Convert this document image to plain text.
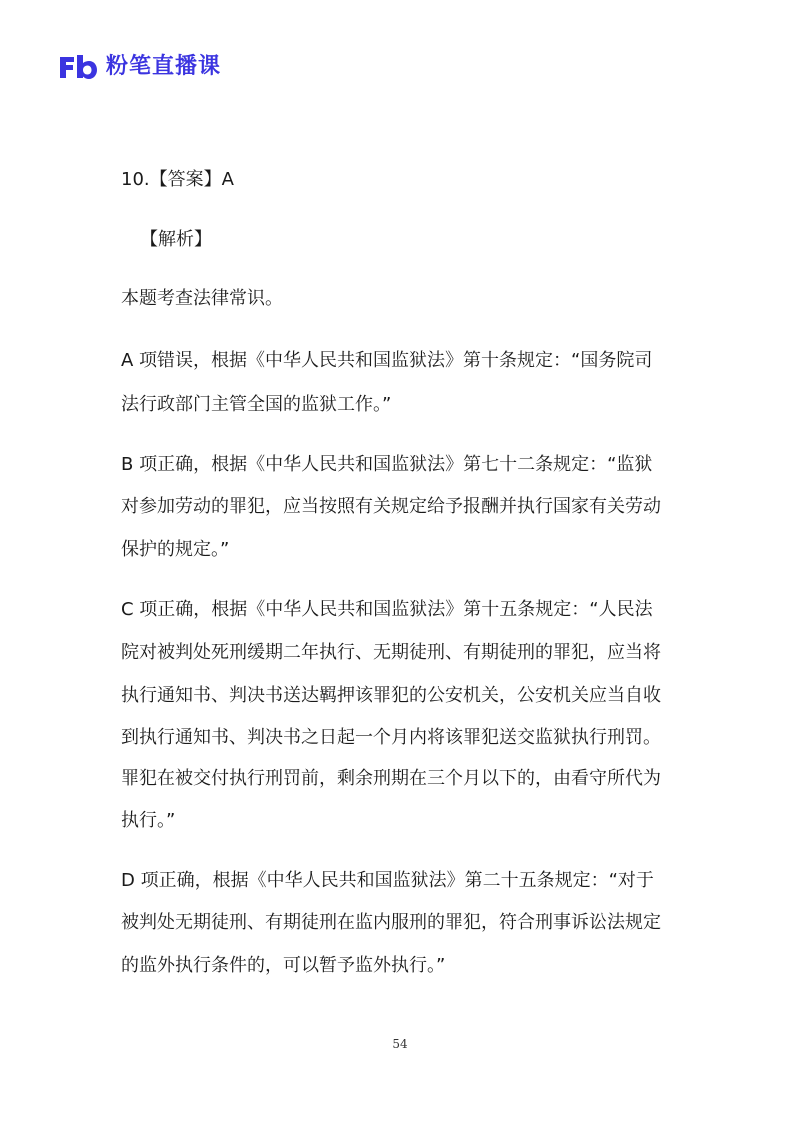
粉笔直播课
10.【答案】A
【解析】
本题考查法律常识。
A 项错误，根据《中华人民共和国监狱法》第十条规定：“国务院司
法行政部门主管全国的监狱工作。”
B 项正确，根据《中华人民共和国监狱法》第七十二条规定：“监狱
对参加劳动的罪犯，应当按照有关规定给予报酬并执行国家有关劳动
保护的规定。”
C 项正确，根据《中华人民共和国监狱法》第十五条规定：“人民法
院对被判处死刑缓期二年执行、无期徒刑、有期徒刑的罪犯，应当将
执行通知书、判决书送达羁押该罪犯的公安机关，公安机关应当自收
到执行通知书、判决书之日起一个月内将该罪犯送交监狱执行刑罚。
罪犯在被交付执行刑罚前，剩余刑期在三个月以下的，由看守所代为
执行。”
D 项正确，根据《中华人民共和国监狱法》第二十五条规定：“对于
被判处无期徒刑、有期徒刑在监内服刑的罪犯，符合刑事诉讼法规定
的监外执行条件的，可以暂予监外执行。”
54
